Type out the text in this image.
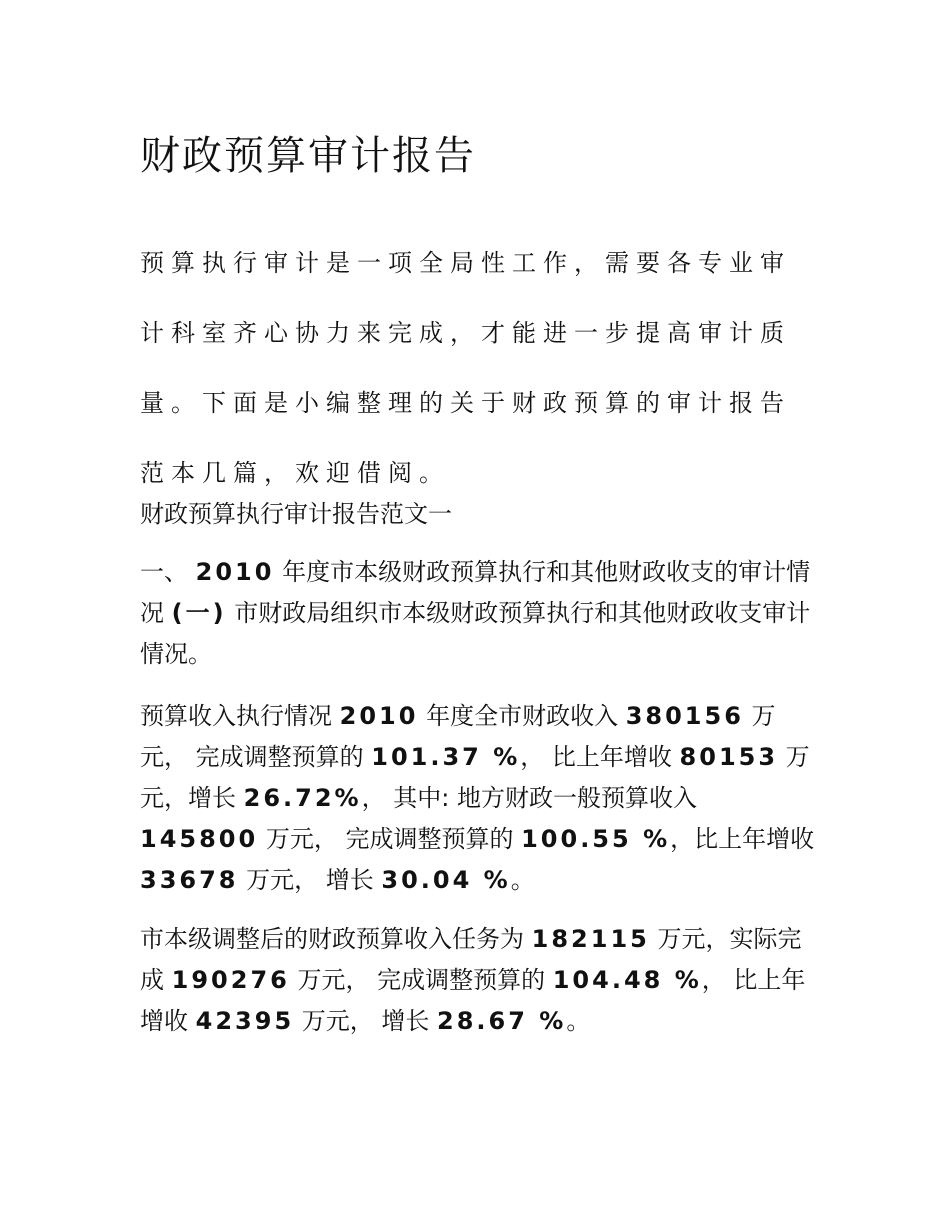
财政预算审计报告

预算执行审计是一项全局性工作，需要各专业审计科室齐心协力来完成，才能进一步提高审计质量。下面是小编整理的关于财政预算的审计报告范本几篇，欢迎借阅。

财政预算执行审计报告范文一

一、 2010 年度市本级财政预算执行和其他财政收支的审计情况 (一) 市财政局组织市本级财政预算执行和其他财政收支审计情况。

预算收入执行情况 2010 年度全市财政收入 380156 万元， 完成调整预算的 101.37 %， 比上年增收 80153 万元，增长 26.72%， 其中: 地方财政一般预算收入 145800 万元， 完成调整预算的 100.55 %，比上年增收 33678 万元， 增长 30.04 %。

市本级调整后的财政预算收入任务为 182115 万元，实际完成 190276 万元， 完成调整预算的 104.48 %， 比上年增收 42395 万元， 增长 28.67 %。
